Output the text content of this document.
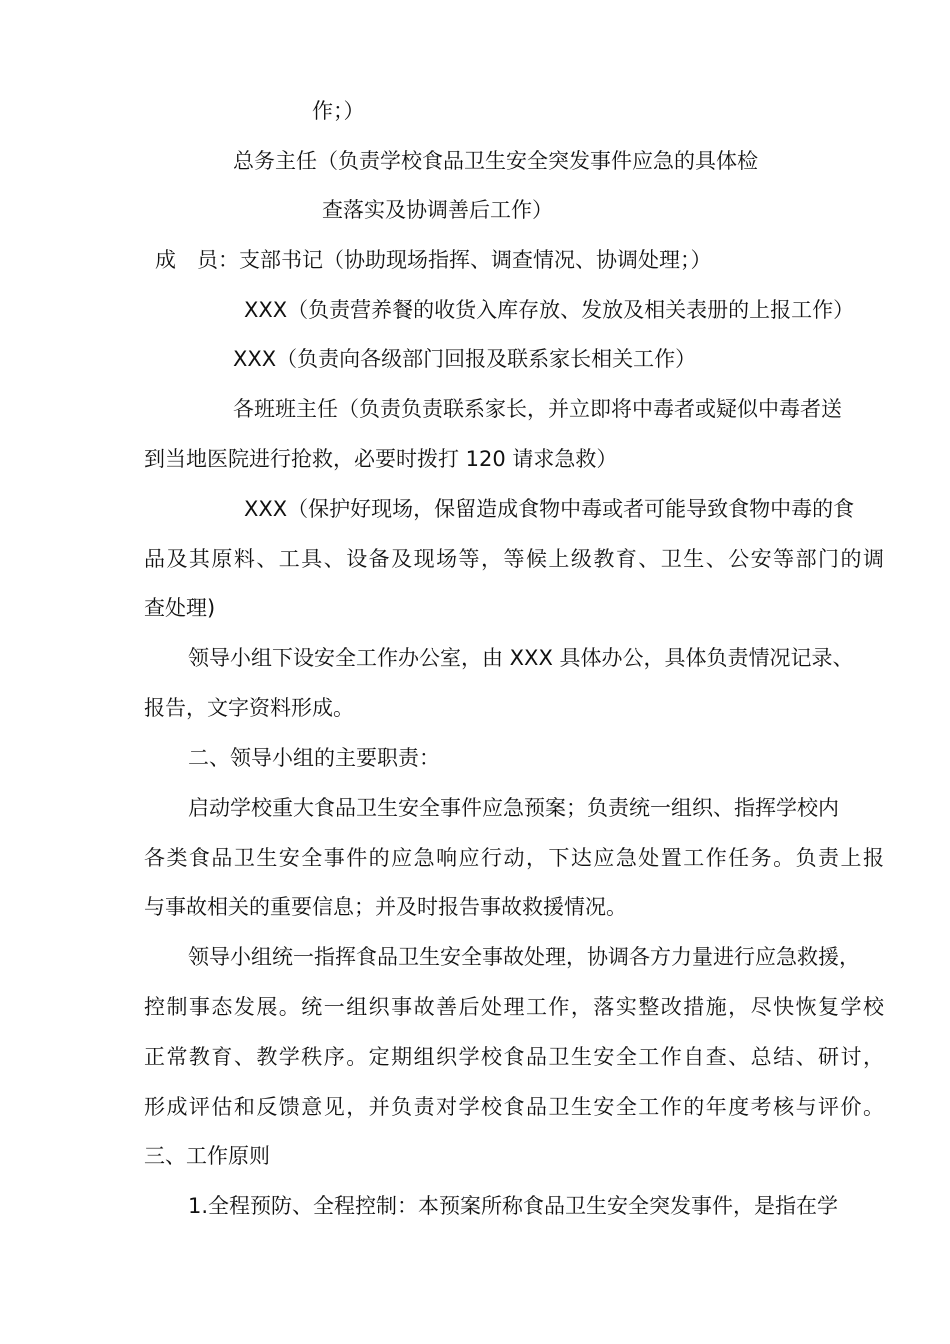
作；）
总务主任（负责学校食品卫生安全突发事件应急的具体检
查落实及协调善后工作）
成　员：支部书记（协助现场指挥、调查情况、协调处理；）
XXX（负责营养餐的收货入库存放、发放及相关表册的上报工作）
XXX（负责向各级部门回报及联系家长相关工作）
各班班主任（负责负责联系家长，并立即将中毒者或疑似中毒者送
到当地医院进行抢救，必要时拨打 120 请求急救）
XXX（保护好现场，保留造成食物中毒或者可能导致食物中毒的食
品及其原料、工具、设备及现场等，等候上级教育、卫生、公安等部门的调
查处理)
领导小组下设安全工作办公室，由 XXX 具体办公，具体负责情况记录、
报告，文字资料形成。
二、领导小组的主要职责：
启动学校重大食品卫生安全事件应急预案；负责统一组织、指挥学校内
各类食品卫生安全事件的应急响应行动，下达应急处置工作任务。负责上报
与事故相关的重要信息；并及时报告事故救援情况。
领导小组统一指挥食品卫生安全事故处理，协调各方力量进行应急救援，
控制事态发展。统一组织事故善后处理工作，落实整改措施，尽快恢复学校
正常教育、教学秩序。定期组织学校食品卫生安全工作自查、总结、研讨，
形成评估和反馈意见，并负责对学校食品卫生安全工作的年度考核与评价。
三、工作原则
1.全程预防、全程控制：本预案所称食品卫生安全突发事件，是指在学
